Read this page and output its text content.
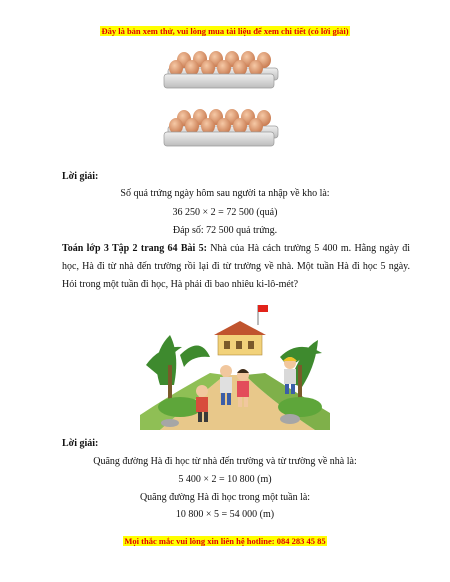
Đây là bản xem thử, vui lòng mua tài liệu để xem chi tiết (có lời giải)
Lời giải:
Số quả trứng ngày hôm sau người ta nhập về kho là:
36 250 × 2 = 72 500 (quả)
Đáp số: 72 500 quả trứng.
Toán lớp 3 Tập 2 trang 64 Bài 5: Nhà của Hà cách trường 5 400 m. Hằng ngày đi học, Hà đi từ nhà đến trường rồi lại đi từ trường về nhà. Một tuần Hà đi học 5 ngày. Hỏi trong một tuần đi học, Hà phải đi bao nhiêu ki-lô-mét?
Lời giải:
Quãng đường Hà đi học từ nhà đến trường và từ trường về nhà là:
5 400 × 2 = 10 800 (m)
Quãng đường Hà đi học trong một tuần là:
10 800 × 5 = 54 000 (m)
Mọi thắc mắc vui lòng xin liên hệ hotline: 084 283 45 85
